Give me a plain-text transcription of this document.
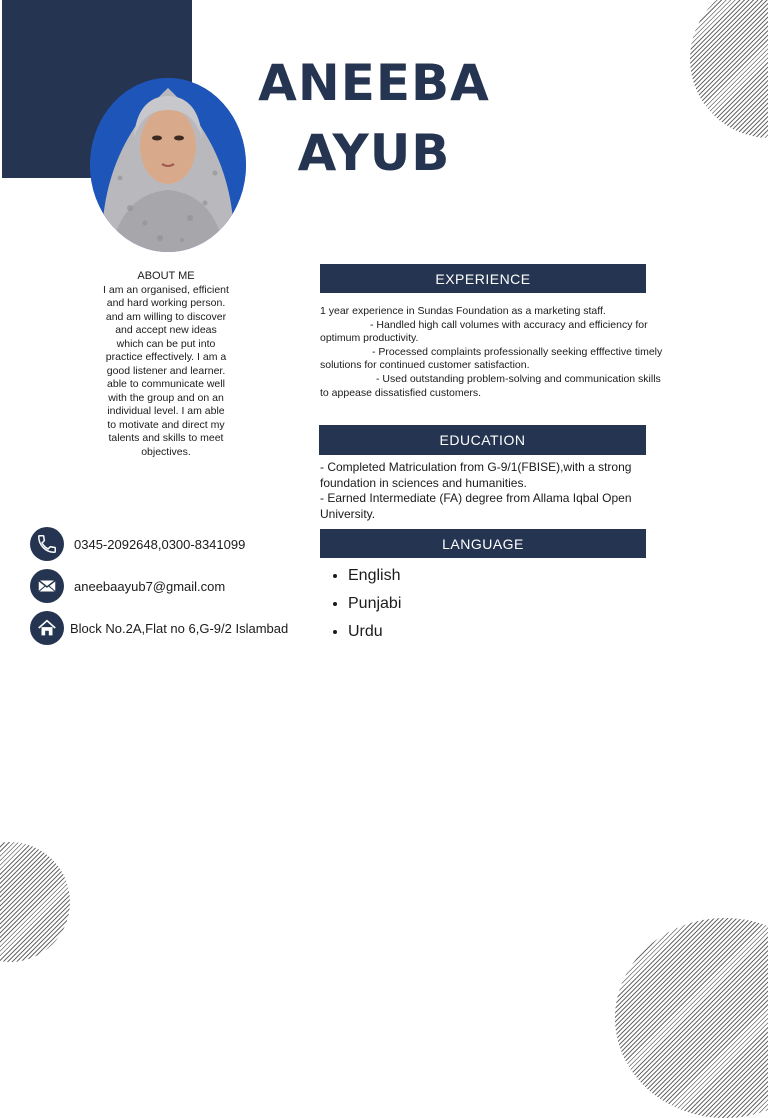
ANEEBA
AYUB
ABOUT ME
I am an organised, efficient and hard working person. and am willing to discover and accept new ideas which can be put into practice effectively. I am a good listener and learner. able to communicate well with the group and on an individual level. I am able to motivate and direct my talents and skills to meet objectives.
0345-2092648,0300-8341099
aneebaayub7@gmail.com
Block No.2A,Flat no 6,G-9/2 Islambad
EXPERIENCE

1 year experience in Sundas Foundation as a marketing staff.

- Handled high call volumes with accuracy and efficiency for optimum productivity.

- Processed complaints professionally seeking efffective timely solutions for continued customer satisfaction.

- Used outstanding problem-solving and communication skills to appease dissatisfied customers.

EDUCATION

- Completed Matriculation from G-9/1(FBISE),with a strong foundation in sciences and humanities.

- Earned Intermediate (FA) degree from Allama Iqbal Open University.

LANGUAGE
• English
• Punjabi
• Urdu
